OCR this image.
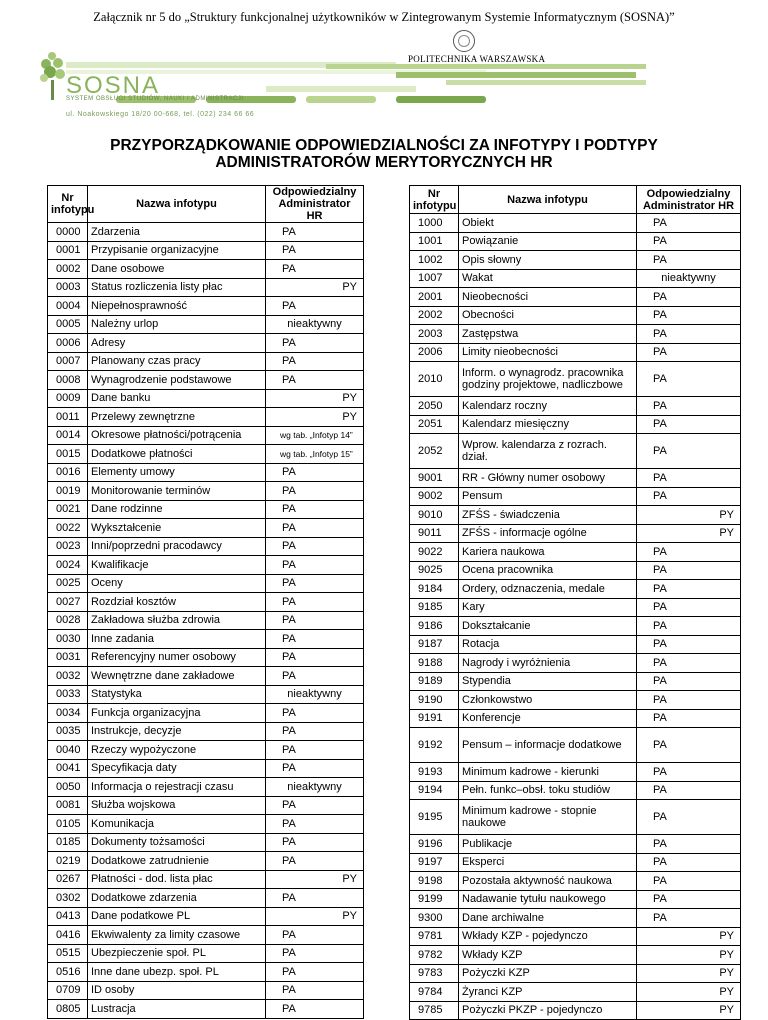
Załącznik nr 5 do „Struktury funkcjonalnej użytkowników w Zintegrowanym Systemie Informatycznym (SOSNA)”
POLITECHNIKA WARSZAWSKA
SOSNA
SYSTEM OBSŁUGI STUDIÓW, NAUKI I ADMINISTRACJI
ul. Noakowskiego 18/20 00-668, tel. (022) 234 66 66
PRZYPORZĄDKOWANIE ODPOWIEDZIALNOŚCI ZA INFOTYPY I PODTYPY
ADMINISTRATORÓW MERYTORYCZNYCH HR
Nr infotypu	Nazwa infotypu	Odpowiedzialny Administrator HR	
0000	Zdarzenia	PA	
0001	Przypisanie organizacyjne	PA	
0002	Dane osobowe	PA	
0003	Status rozliczenia listy płac		PY
0004	Niepełnosprawność	PA	
0005	Należny urlop	nieaktywny	
0006	Adresy	PA	
0007	Planowany czas pracy	PA	
0008	Wynagrodzenie podstawowe	PA	
0009	Dane banku		PY
0011	Przelewy zewnętrzne		PY
0014	Okresowe płatności/potrącenia	wg tab. „Infotyp 14”	
0015	Dodatkowe płatności	wg tab. „Infotyp 15”	
0016	Elementy umowy	PA	
0019	Monitorowanie terminów	PA	
0021	Dane rodzinne	PA	
0022	Wykształcenie	PA	
0023	Inni/poprzedni pracodawcy	PA	
0024	Kwalifikacje	PA	
0025	Oceny	PA	
0027	Rozdział kosztów	PA	
0028	Zakładowa służba zdrowia	PA	
0030	Inne zadania	PA	
0031	Referencyjny numer osobowy	PA	
0032	Wewnętrzne dane zakładowe	PA	
0033	Statystyka	nieaktywny	
0034	Funkcja organizacyjna	PA	
0035	Instrukcje, decyzje	PA	
0040	Rzeczy wypożyczone	PA	
0041	Specyfikacja daty	PA	
0050	Informacja o rejestracji czasu	nieaktywny	
0081	Służba wojskowa	PA	
0105	Komunikacja	PA	
0185	Dokumenty tożsamości	PA	
0219	Dodatkowe zatrudnienie	PA	
0267	Płatności - dod. lista płac		PY
0302	Dodatkowe zdarzenia	PA	
0413	Dane podatkowe PL		PY
0416	Ekwiwalenty za limity czasowe	PA	
0515	Ubezpieczenie społ. PL	PA	
0516	Inne dane ubezp. społ. PL	PA	
0709	ID osoby	PA	
0805	Lustracja	PA	
Nr infotypu	Nazwa infotypu	Odpowiedzialny Administrator HR	
1000	Obiekt	PA	
1001	Powiązanie	PA	
1002	Opis słowny	PA	
1007	Wakat	nieaktywny	
2001	Nieobecności	PA	
2002	Obecności	PA	
2003	Zastępstwa	PA	
2006	Limity nieobecności	PA	
2010	Inform. o wynagrodz. pracownika godziny projektowe, nadliczbowe	PA	
2050	Kalendarz roczny	PA	
2051	Kalendarz miesięczny	PA	
2052	Wprow. kalendarza z rozrach. dział.	PA	
9001	RR - Główny numer osobowy	PA	
9002	Pensum	PA	
9010	ZFŚS - świadczenia		PY
9011	ZFŚS - informacje ogólne		PY
9022	Kariera naukowa	PA	
9025	Ocena pracownika	PA	
9184	Ordery, odznaczenia, medale	PA	
9185	Kary	PA	
9186	Dokształcanie	PA	
9187	Rotacja	PA	
9188	Nagrody i wyróżnienia	PA	
9189	Stypendia	PA	
9190	Członkowstwo	PA	
9191	Konferencje	PA	
9192	Pensum – informacje dodatkowe	PA	
9193	Minimum kadrowe - kierunki	PA	
9194	Pełn. funkc–obsł. toku studiów	PA	
9195	Minimum kadrowe - stopnie naukowe	PA	
9196	Publikacje	PA	
9197	Eksperci	PA	
9198	Pozostała aktywność naukowa	PA	
9199	Nadawanie tytułu naukowego	PA	
9300	Dane archiwalne	PA	
9781	Wkłady KZP - pojedynczo		PY
9782	Wkłady KZP		PY
9783	Pożyczki KZP		PY
9784	Żyranci KZP		PY
9785	Pożyczki PKZP - pojedynczo		PY
